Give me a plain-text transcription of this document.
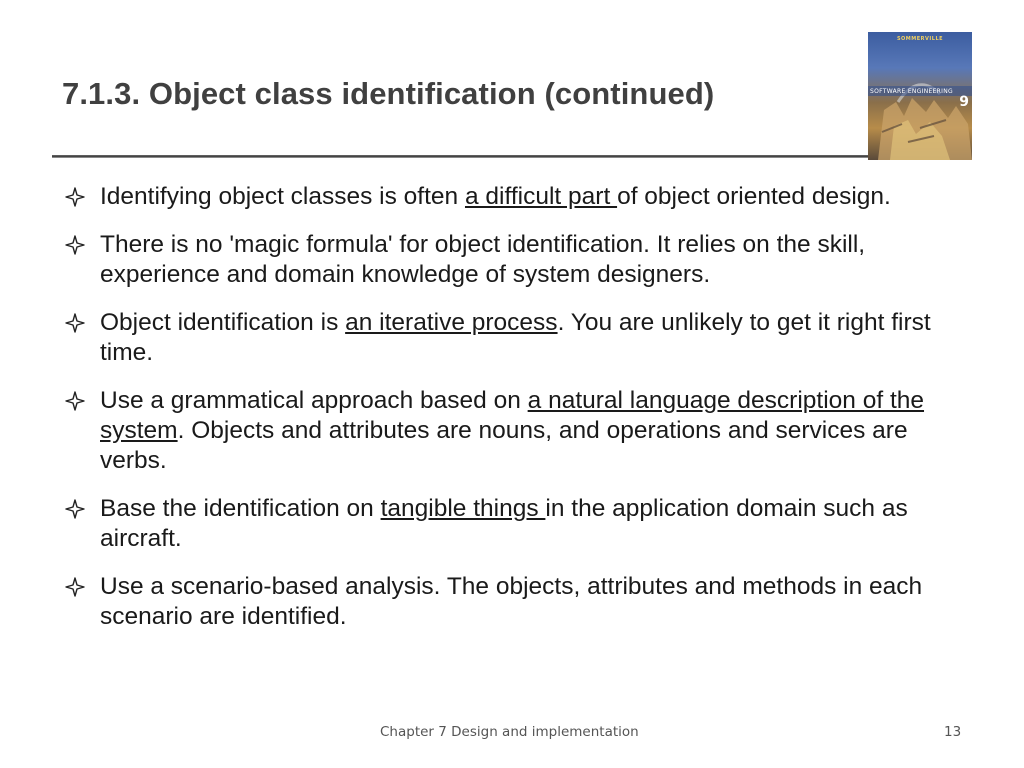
7.1.3. Object class identification (continued)
SOMMERVILLE
SOFTWARE ENGINEERING
9
Identifying object classes is often a difficult part of object oriented design.
There is no 'magic formula' for object identification. It relies on the skill, experience and domain knowledge of system designers.
Object identification is an iterative process. You are unlikely to get it right first time.
Use a grammatical approach based on a natural language description of the system. Objects and attributes are nouns, and operations and services are verbs.
Base the identification on tangible things in the application domain such as aircraft.
Use a scenario-based analysis. The objects, attributes and methods in each scenario are identified.
Chapter 7 Design and implementation	13
